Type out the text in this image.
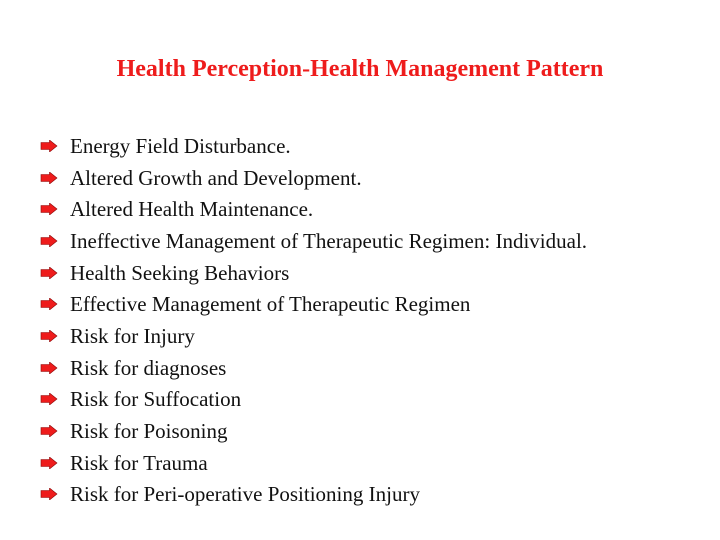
Health Perception-Health Management Pattern
Energy Field Disturbance.
Altered Growth and Development.
Altered Health Maintenance.
Ineffective Management of Therapeutic Regimen: Individual.
Health Seeking Behaviors
Effective Management of Therapeutic Regimen
Risk for Injury
Risk for diagnoses
Risk for Suffocation
Risk for Poisoning
Risk for Trauma
Risk for Peri-operative Positioning Injury
